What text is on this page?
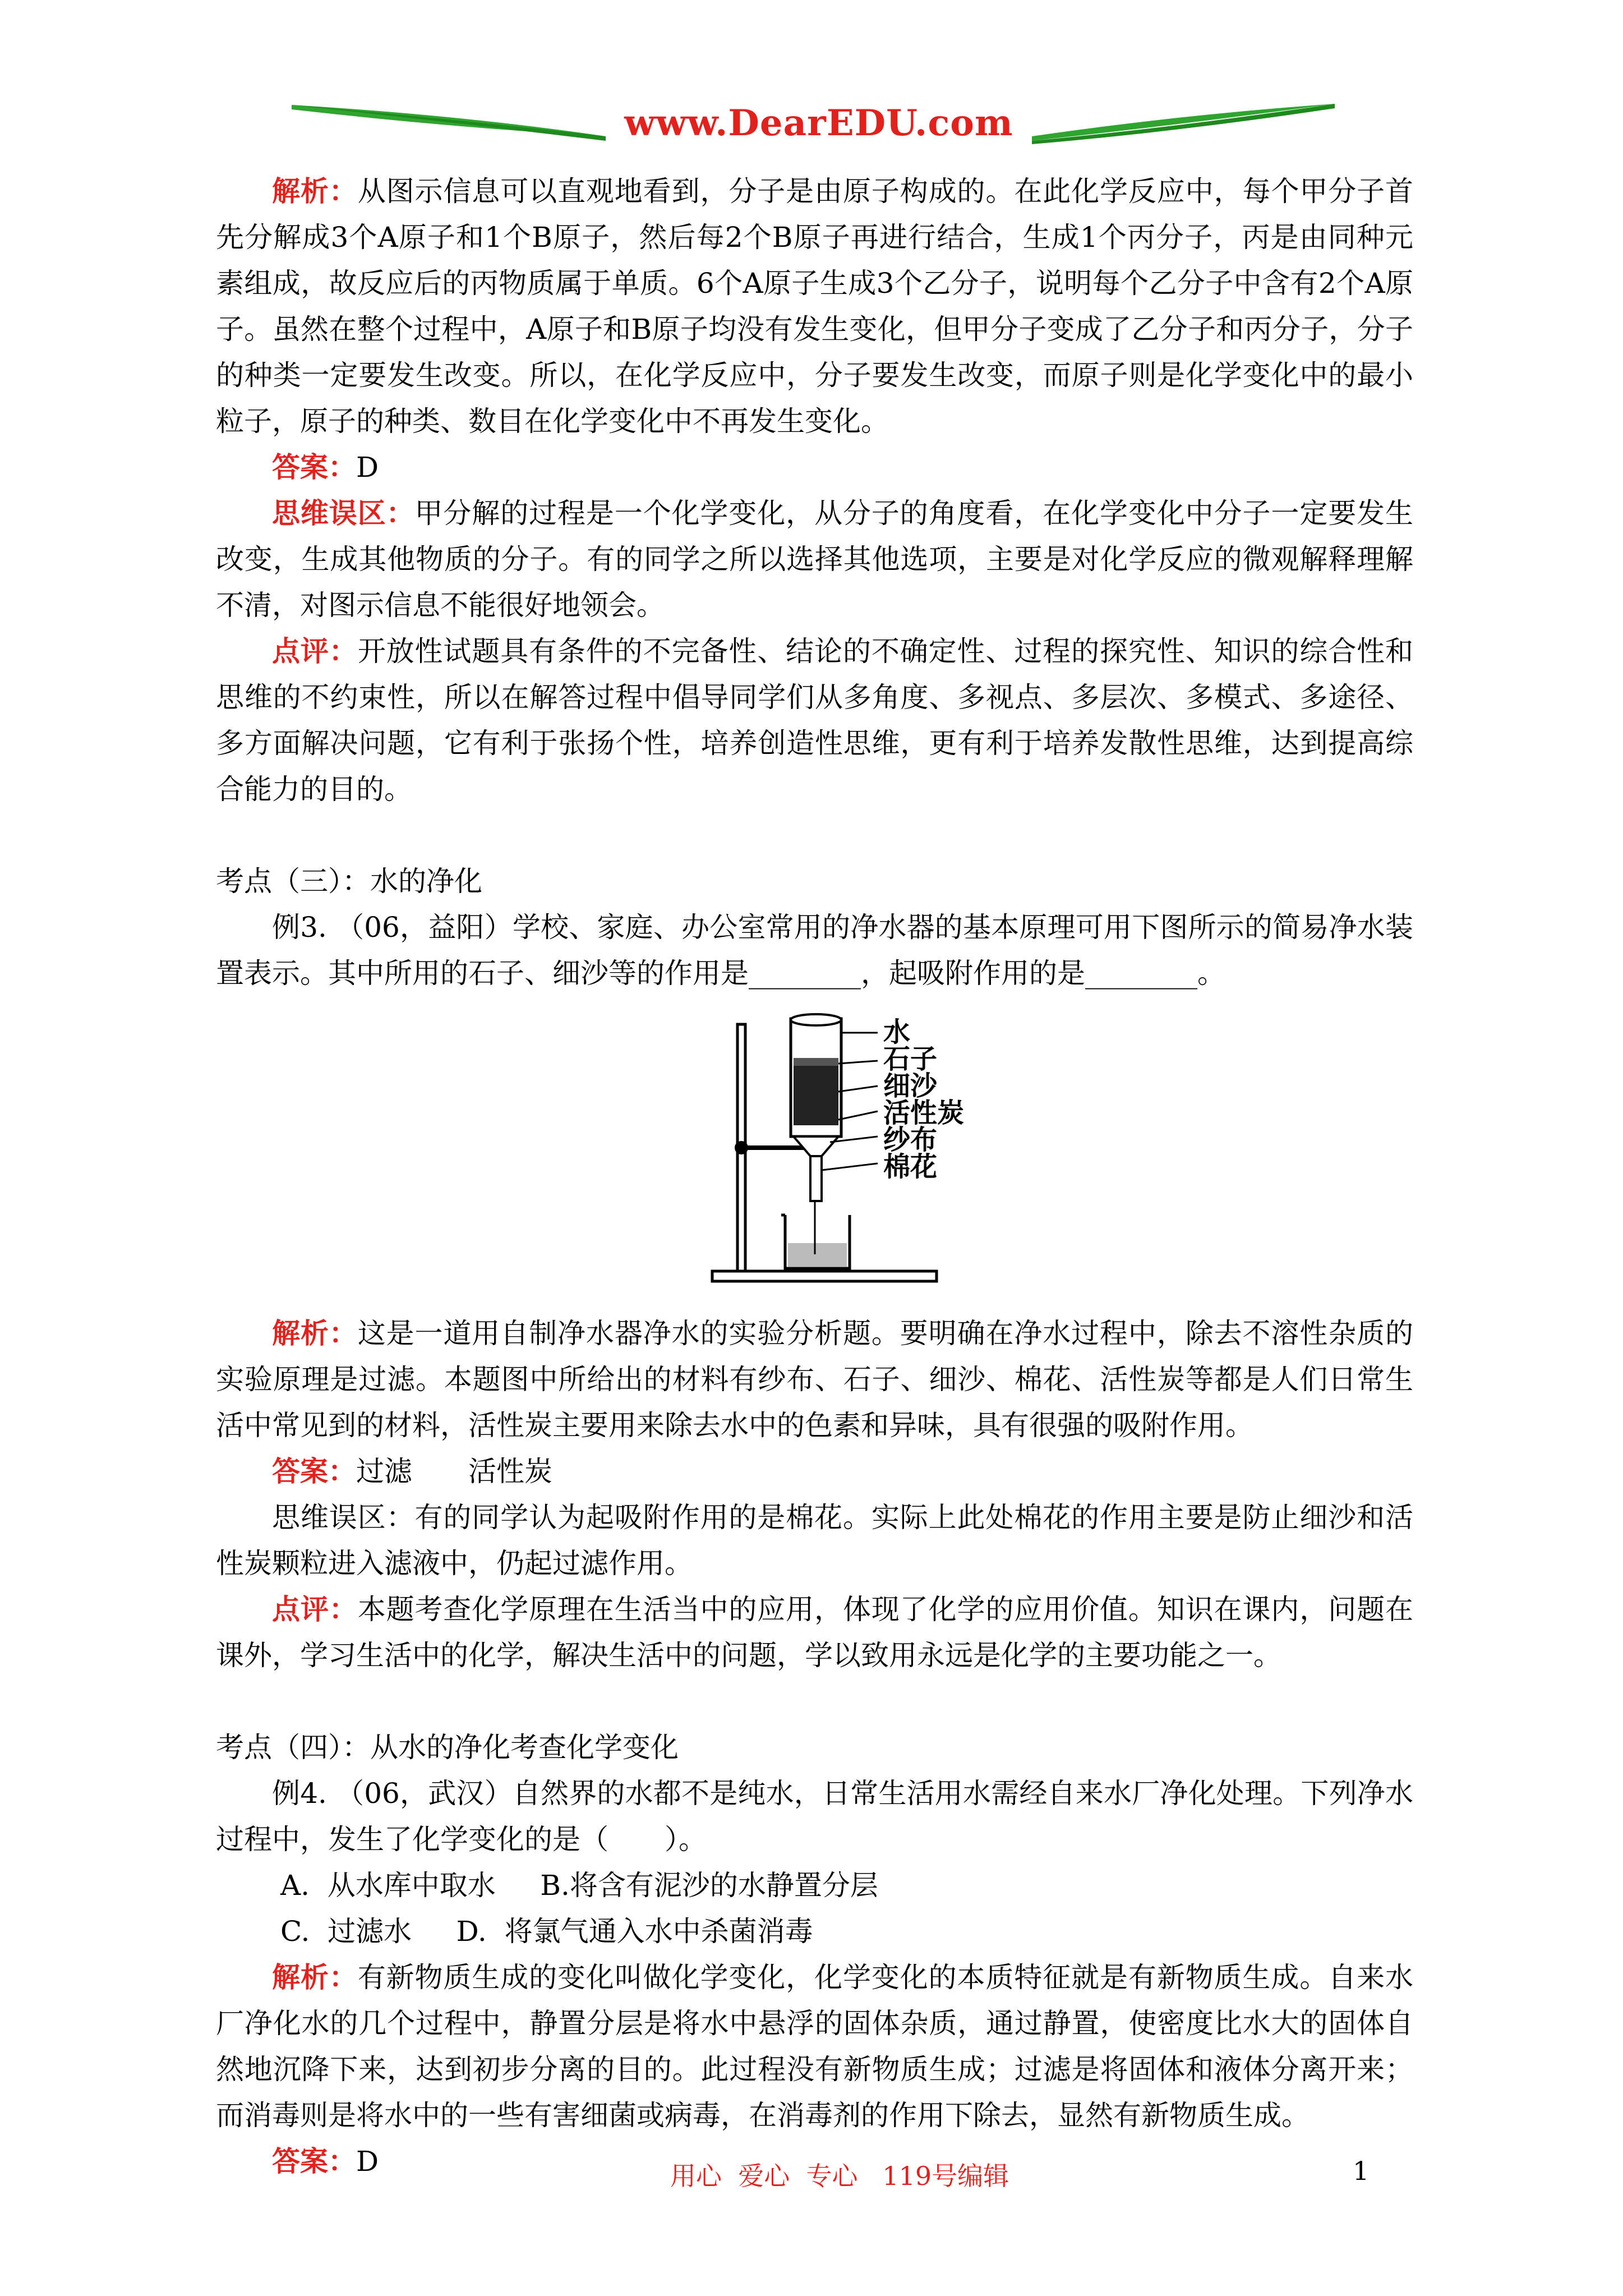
www.DearEDU.com

解析：从图示信息可以直观地看到，分子是由原子构成的。在此化学反应中，每个甲分子首先分解成3个A原子和1个B原子，然后每2个B原子再进行结合，生成1个丙分子，丙是由同种元素组成，故反应后的丙物质属于单质。6个A原子生成3个乙分子，说明每个乙分子中含有2个A原子。虽然在整个过程中，A原子和B原子均没有发生变化，但甲分子变成了乙分子和丙分子，分子的种类一定要发生改变。所以，在化学反应中，分子要发生改变，而原子则是化学变化中的最小粒子，原子的种类、数目在化学变化中不再发生变化。

答案：D

思维误区：甲分解的过程是一个化学变化，从分子的角度看，在化学变化中分子一定要发生改变，生成其他物质的分子。有的同学之所以选择其他选项，主要是对化学反应的微观解释理解不清，对图示信息不能很好地领会。

点评：开放性试题具有条件的不完备性、结论的不确定性、过程的探究性、知识的综合性和思维的不约束性，所以在解答过程中倡导同学们从多角度、多视点、多层次、多模式、多途径、多方面解决问题，它有利于张扬个性，培养创造性思维，更有利于培养发散性思维，达到提高综合能力的目的。

考点（三）：水的净化

例3. （06，益阳）学校、家庭、办公室常用的净水器的基本原理可用下图所示的简易净水装置表示。其中所用的石子、细沙等的作用是________，起吸附作用的是________。

水
石子
细沙
活性炭
纱布
棉花

解析：这是一道用自制净水器净水的实验分析题。要明确在净水过程中，除去不溶性杂质的实验原理是过滤。本题图中所给出的材料有纱布、石子、细沙、棉花、活性炭等都是人们日常生活中常见到的材料，活性炭主要用来除去水中的色素和异味，具有很强的吸附作用。

答案：过滤　　活性炭

思维误区：有的同学认为起吸附作用的是棉花。实际上此处棉花的作用主要是防止细沙和活性炭颗粒进入滤液中，仍起过滤作用。

点评：本题考查化学原理在生活当中的应用，体现了化学的应用价值。知识在课内，问题在课外，学习生活中的化学，解决生活中的问题，学以致用永远是化学的主要功能之一。

考点（四）：从水的净化考查化学变化

例4. （06，武汉）自然界的水都不是纯水，日常生活用水需经自来水厂净化处理。下列净水过程中，发生了化学变化的是（　　）。

A.  从水库中取水     B.将含有泥沙的水静置分层

C.  过滤水     D.  将氯气通入水中杀菌消毒

解析：有新物质生成的变化叫做化学变化，化学变化的本质特征就是有新物质生成。自来水厂净化水的几个过程中，静置分层是将水中悬浮的固体杂质，通过静置，使密度比水大的固体自然地沉降下来，达到初步分离的目的。此过程没有新物质生成；过滤是将固体和液体分离开来；而消毒则是将水中的一些有害细菌或病毒，在消毒剂的作用下除去，显然有新物质生成。

答案：D	用心  爱心  专心   119号编辑	1
